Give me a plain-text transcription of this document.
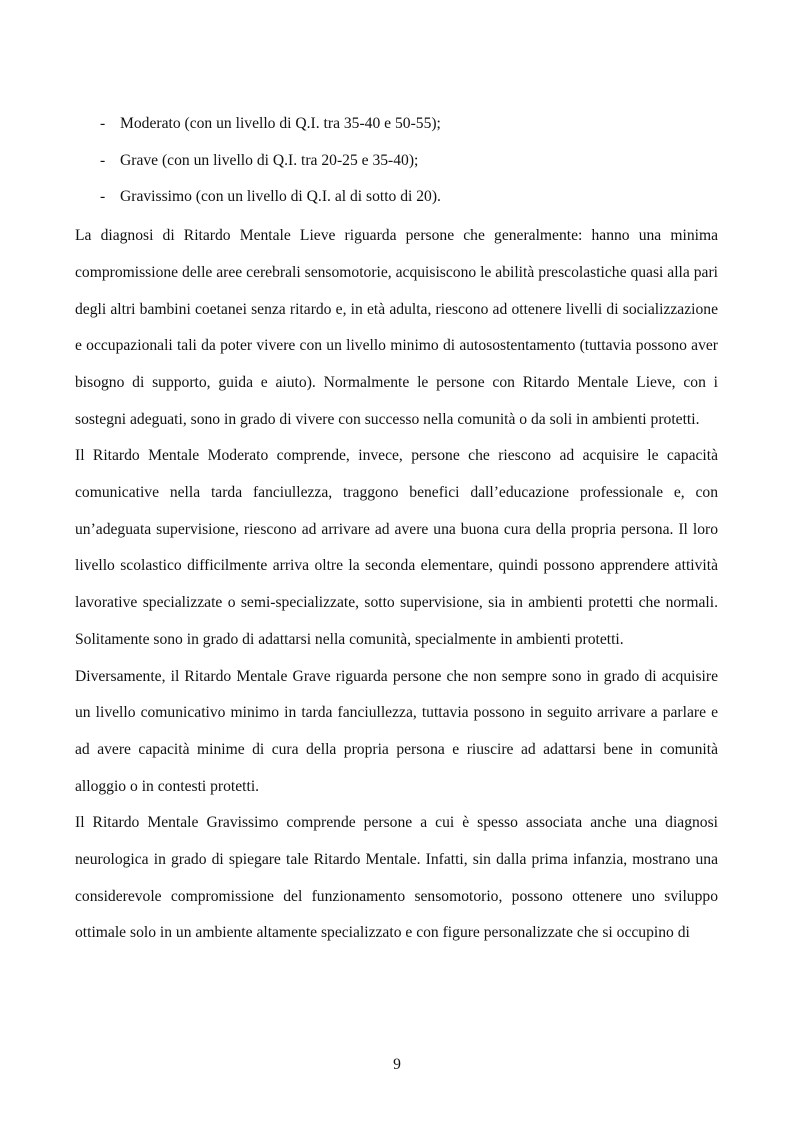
- Moderato (con un livello di Q.I. tra 35-40 e 50-55);
- Grave (con un livello di Q.I. tra 20-25 e 35-40);
- Gravissimo (con un livello di Q.I. al di sotto di 20).

La diagnosi di Ritardo Mentale Lieve riguarda persone che generalmente: hanno una minima compromissione delle aree cerebrali sensomotorie, acquisiscono le abilità prescolastiche quasi alla pari degli altri bambini coetanei senza ritardo e, in età adulta, riescono ad ottenere livelli di socializzazione e occupazionali tali da poter vivere con un livello minimo di autosostentamento (tuttavia possono aver bisogno di supporto, guida e aiuto). Normalmente le persone con Ritardo Mentale Lieve, con i sostegni adeguati, sono in grado di vivere con successo nella comunità o da soli in ambienti protetti.

Il Ritardo Mentale Moderato comprende, invece, persone che riescono ad acquisire le capacità comunicative nella tarda fanciullezza, traggono benefici dall’educazione professionale e, con un’adeguata supervisione, riescono ad arrivare ad avere una buona cura della propria persona. Il loro livello scolastico difficilmente arriva oltre la seconda elementare, quindi possono apprendere attività lavorative specializzate o semi-specializzate, sotto supervisione, sia in ambienti protetti che normali. Solitamente sono in grado di adattarsi nella comunità, specialmente in ambienti protetti.

Diversamente, il Ritardo Mentale Grave riguarda persone che non sempre sono in grado di acquisire un livello comunicativo minimo in tarda fanciullezza, tuttavia possono in seguito arrivare a parlare e ad avere capacità minime di cura della propria persona e riuscire ad adattarsi bene in comunità alloggio o in contesti protetti.

Il Ritardo Mentale Gravissimo comprende persone a cui è spesso associata anche una diagnosi neurologica in grado di spiegare tale Ritardo Mentale. Infatti, sin dalla prima infanzia, mostrano una considerevole compromissione del funzionamento sensomotorio, possono ottenere uno sviluppo ottimale solo in un ambiente altamente specializzato e con figure personalizzate che si occupino di

9
